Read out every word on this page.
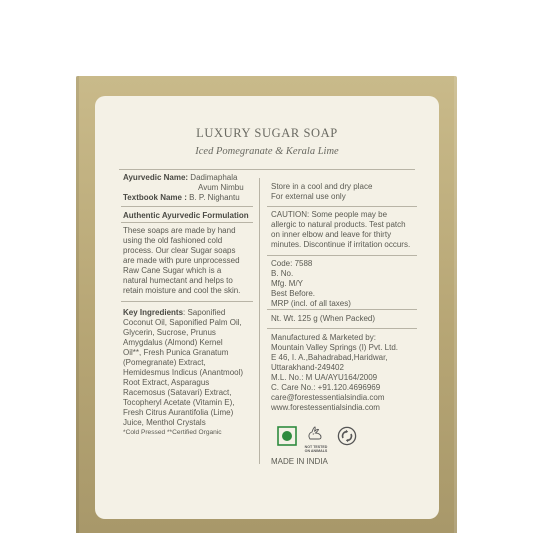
LUXURY SUGAR SOAP
Iced Pomegranate & Kerala Lime
Ayurvedic Name: Dadimaphala
Avum Nimbu
Textbook Name : B. P. Nighantu
Authentic Ayurvedic Formulation
These soaps are made by hand
using the old fashioned cold
process. Our clear Sugar soaps
are made with pure unprocessed
Raw Cane Sugar which is a
natural humectant and helps to
retain moisture and cool the skin.
Key Ingredients: Saponified
Coconut Oil, Saponified Palm Oil,
Glycerin, Sucrose, Prunus
Amygdalus (Almond) Kernel
Oil**, Fresh Punica Granatum
(Pomegranate) Extract,
Hemidesmus Indicus (Anantmool)
Root Extract, Asparagus
Racemosus (Satavari) Extract,
Tocopheryl Acetate (Vitamin E),
Fresh Citrus Aurantifolia (Lime)
Juice, Menthol Crystals
*Cold Pressed **Certified Organic
Store in a cool and dry place
For external use only
CAUTION: Some people may be
allergic to natural products. Test patch
on inner elbow and leave for thirty
minutes. Discontinue if irritation occurs.
Code: 7588
B. No.
Mfg. M/Y
Best Before.
MRP (incl. of all taxes)
Nt. Wt. 125 g (When Packed)
Manufactured & Marketed by:
Mountain Valley Springs (I) Pvt. Ltd.
E 46, I. A.,Bahadrabad,Haridwar,
Uttarakhand-249402
M.L. No.: M UA/AYU164/2009
C. Care No.: +91.120.4696969
care@forestessentialsindia.com
www.forestessentialsindia.com
NOT TESTED
ON ANIMALS
MADE IN INDIA
